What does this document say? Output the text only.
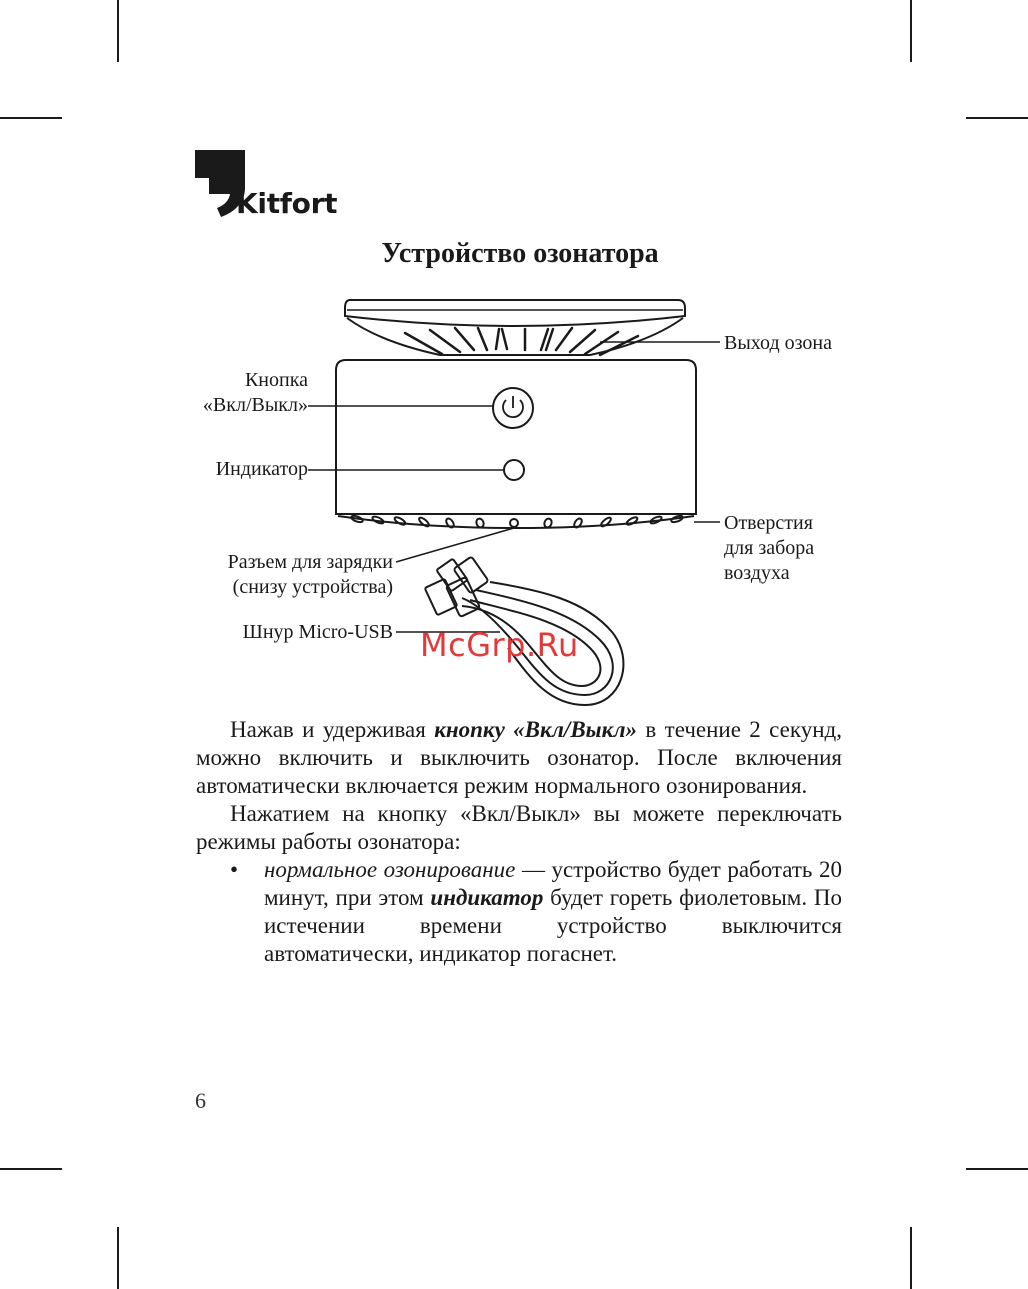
Kitfort
Устройство озонатора
Кнопка
«Вкл/Выкл»
Индикатор
Разъем для зарядки
(снизу устройства)
Шнур Micro-USB
Выход озона
Отверстия
для забора
воздуха
McGrp.Ru

Нажав и удерживая кнопку «Вкл/Выкл» в течение 2 секунд, можно включить и выключить озонатор. После включения автоматически включается режим нормального озонирования.

Нажатием на кнопку «Вкл/Выкл» вы можете переключать режимы работы озонатора:

• нормальное озонирование — устройство будет работать 20 минут, при этом индикатор будет гореть фиолетовым. По истечении времени устройство выключится автоматически, индикатор погаснет.

6
